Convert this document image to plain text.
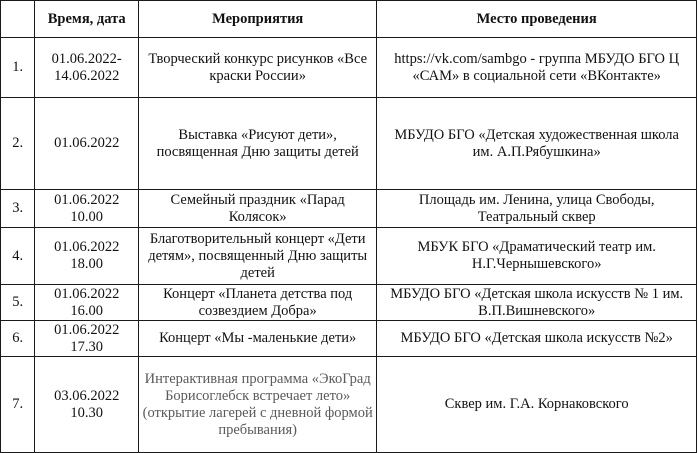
	Время, дата	Мероприятия	Место проведения
1.	01.06.2022- 14.06.2022	Творческий конкурс рисунков «Все краски России»	https://vk.com/sambgo - группа МБУДО БГО Ц «САМ» в социальной сети «ВКонтакте»

2.	01.06.2022	Выставка «Рисуют дети», посвященная Дню защиты детей	МБУДО БГО «Детская художественная школа им. А.П.Рябушкина»

3.	01.06.2022 10.00	Семейный праздник «Парад Колясок»	Площадь им. Ленина, улица Свободы, Театральный сквер

4.	01.06.2022 18.00	Благотворительный концерт «Дети детям», посвященный Дню защиты детей	МБУК БГО «Драматический театр им. Н.Г.Чернышевского»

5.	01.06.2022 16.00	Концерт «Планета детства под созвездием Добра»	МБУДО БГО «Детская школа искусств № 1 им. В.П.Вишневского»

6.	01.06.2022 17.30	Концерт «Мы -маленькие дети»	МБУДО БГО «Детская школа искусств №2»

7.	03.06.2022 10.30	Интерактивная программа «ЭкоГрад Борисоглебск встречает лето» (открытие лагерей с дневной формой пребывания)	Сквер им. Г.А. Корнаковского
